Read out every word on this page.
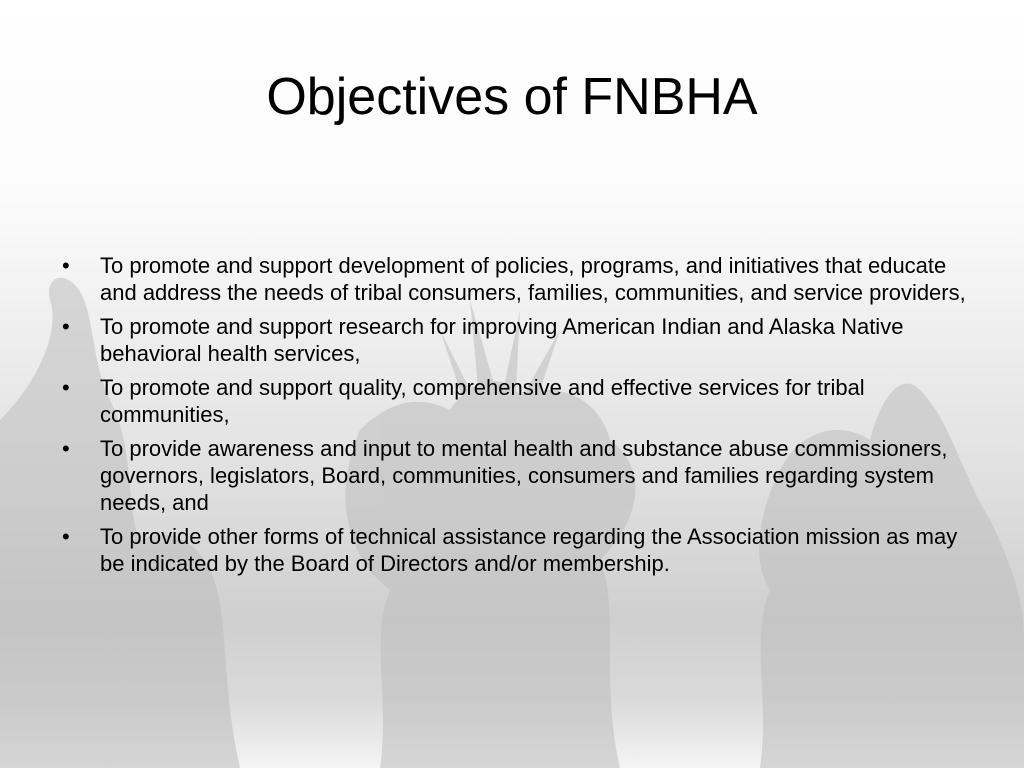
Objectives of FNBHA
•	To promote and support development of policies, programs, and initiatives that educate and address the needs of tribal consumers, families, communities, and service providers,
•	To promote and support research for improving American Indian and Alaska Native behavioral health services,
•	To promote and support quality, comprehensive and effective services for tribal communities,
•	To provide awareness and input to mental health and substance abuse commissioners, governors, legislators, Board, communities, consumers and families regarding system needs, and
•	To provide other forms of technical assistance regarding the Association mission as may be indicated by the Board of Directors and/or membership.
